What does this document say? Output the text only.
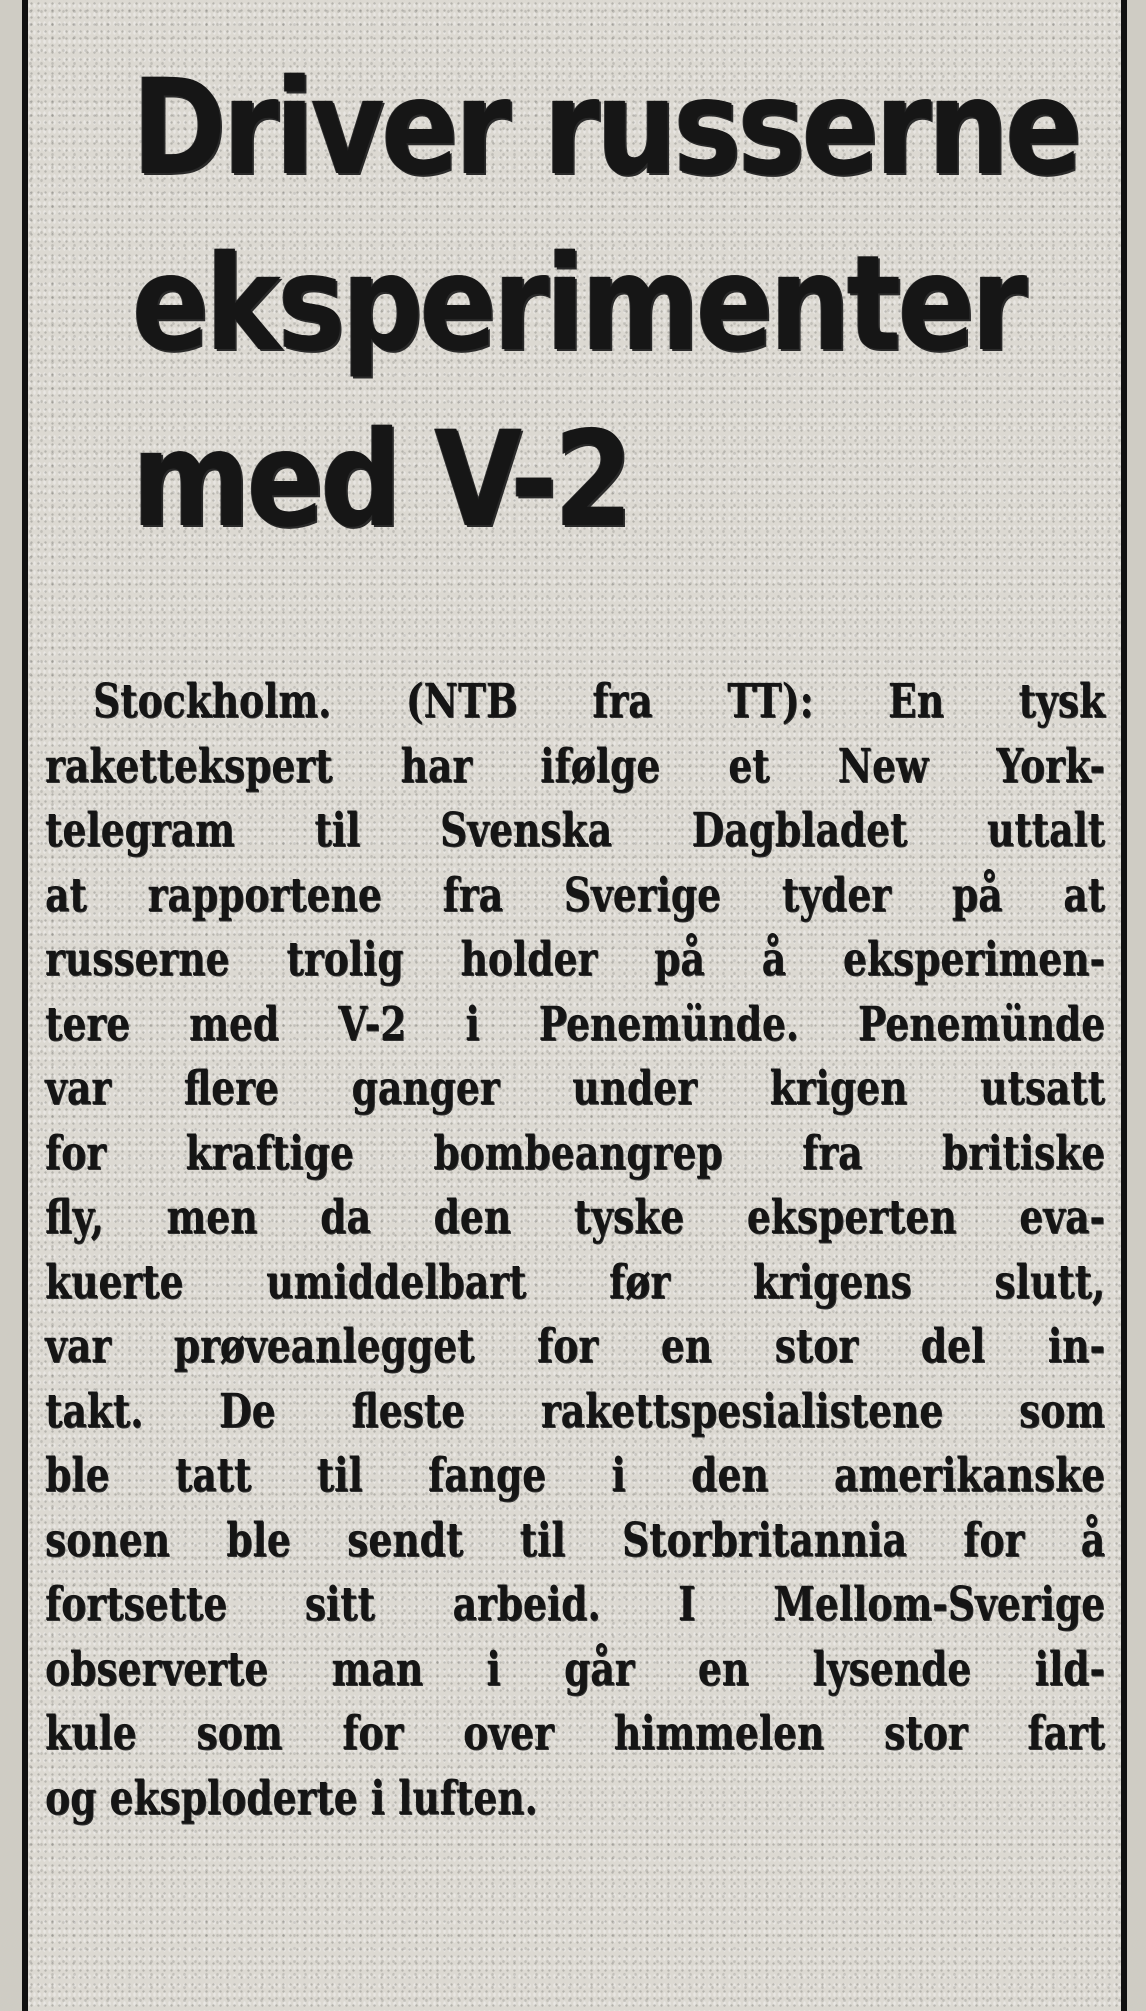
Driver russerne
eksperimenter
med V-2
Stockholm. (NTB fra TT): En tysk
rakettekspert har ifølge et New York-
telegram til Svenska Dagbladet uttalt
at rapportene fra Sverige tyder på at
russerne trolig holder på å eksperimen-
tere med V-2 i Penemünde. Penemünde
var flere ganger under krigen utsatt
for kraftige bombeangrep fra britiske
fly, men da den tyske eksperten eva-
kuerte umiddelbart før krigens slutt,
var prøveanlegget for en stor del in-
takt. De fleste rakettspesialistene som
ble tatt til fange i den amerikanske
sonen ble sendt til Storbritannia for å
fortsette sitt arbeid. I Mellom-Sverige
observerte man i går en lysende ild-
kule som for over himmelen stor fart
og eksploderte i luften.
